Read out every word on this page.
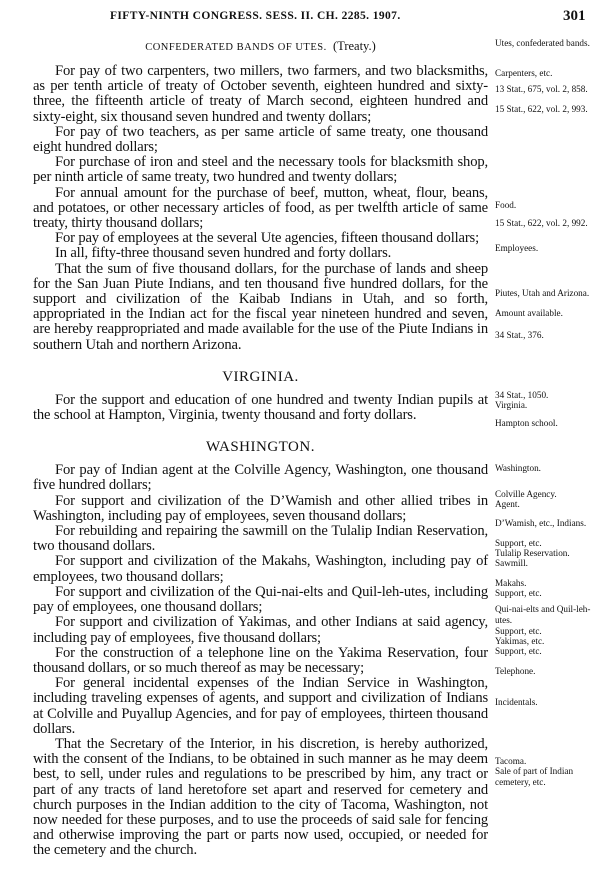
FIFTY-NINTH CONGRESS. SESS. II. CH. 2285. 1907.	301
CONFEDERATED BANDS OF UTES. (Treaty.)

For pay of two carpenters, two millers, two farmers, and two blacksmiths, as per tenth article of treaty of October seventh, eighteen hundred and sixty-three, the fifteenth article of treaty of March second, eighteen hundred and sixty-eight, six thousand seven hundred and twenty dollars;

For pay of two teachers, as per same article of same treaty, one thousand eight hundred dollars;

For purchase of iron and steel and the necessary tools for blacksmith shop, per ninth article of same treaty, two hundred and twenty dollars;

For annual amount for the purchase of beef, mutton, wheat, flour, beans, and potatoes, or other necessary articles of food, as per twelfth article of same treaty, thirty thousand dollars;

For pay of employees at the several Ute agencies, fifteen thousand dollars;

In all, fifty-three thousand seven hundred and forty dollars.

That the sum of five thousand dollars, for the purchase of lands and sheep for the San Juan Piute Indians, and ten thousand five hundred dollars, for the support and civilization of the Kaibab Indians in Utah, and so forth, appropriated in the Indian act for the fiscal year nineteen hundred and seven, are hereby reappropriated and made available for the use of the Piute Indians in southern Utah and northern Arizona.

VIRGINIA.

For the support and education of one hundred and twenty Indian pupils at the school at Hampton, Virginia, twenty thousand and forty dollars.

WASHINGTON.

For pay of Indian agent at the Colville Agency, Washington, one thousand five hundred dollars;

For support and civilization of the D’Wamish and other allied tribes in Washington, including pay of employees, seven thousand dollars;

For rebuilding and repairing the sawmill on the Tulalip Indian Reservation, two thousand dollars.

For support and civilization of the Makahs, Washington, including pay of employees, two thousand dollars;

For support and civilization of the Qui-nai-elts and Quil-leh-utes, including pay of employees, one thousand dollars;

For support and civilization of Yakimas, and other Indians at said agency, including pay of employees, five thousand dollars;

For the construction of a telephone line on the Yakima Reservation, four thousand dollars, or so much thereof as may be necessary;

For general incidental expenses of the Indian Service in Washington, including traveling expenses of agents, and support and civilization of Indians at Colville and Puyallup Agencies, and for pay of employees, thirteen thousand dollars.

That the Secretary of the Interior, in his discretion, is hereby authorized, with the consent of the Indians, to be obtained in such manner as he may deem best, to sell, under rules and regulations to be prescribed by him, any tract or part of any tracts of land heretofore set apart and reserved for cemetery and church purposes in the Indian addition to the city of Tacoma, Washington, not now needed for these purposes, and to use the proceeds of said sale for fencing and otherwise improving the part or parts now used, occupied, or needed for the cemetery and the church.

Utes, confederated bands.
Carpenters, etc.
13 Stat., 675, vol. 2, 858.
15 Stat., 622, vol. 2, 993.
Food.
15 Stat., 622, vol. 2, 992.
Employees.
Piutes, Utah and Arizona.
Amount available.
34 Stat., 376.
34 Stat., 1050.
Virginia.
Hampton school.
Washington.
Colville Agency.
Agent.
D’Wamish, etc., Indians.
Support, etc.
Tulalip Reservation.
Sawmill.
Makahs.
Support, etc.
Qui-nai-elts and Quil-leh-utes.
Support, etc.
Yakimas, etc.
Support, etc.
Telephone.
Incidentals.
Tacoma.
Sale of part of Indian cemetery, etc.
